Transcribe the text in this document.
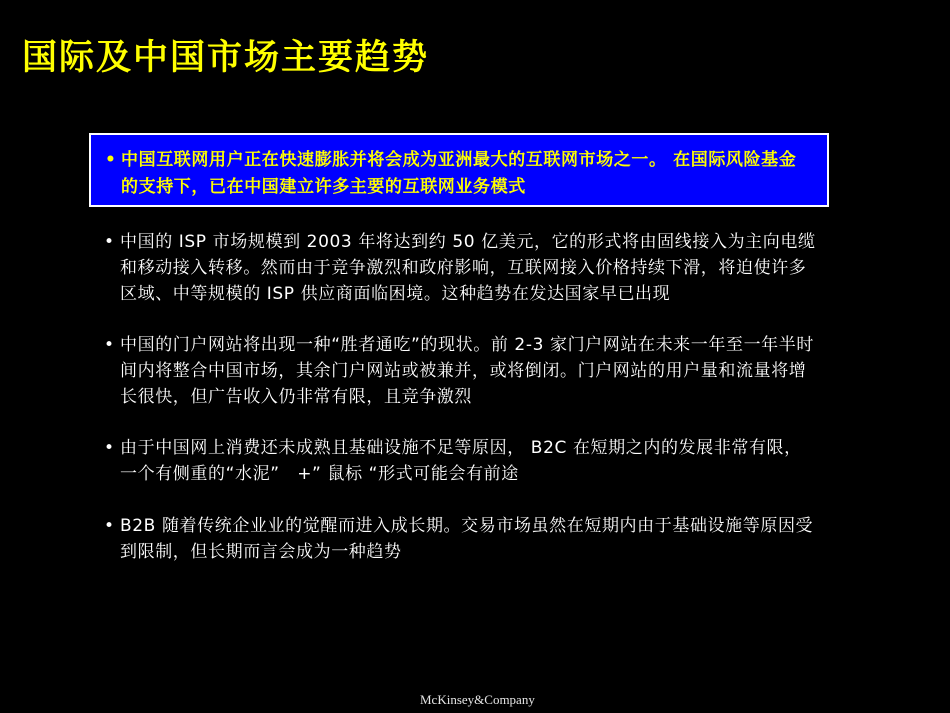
国际及中国市场主要趋势
• 中国互联网用户正在快速膨胀并将会成为亚洲最大的互联网市场之一。 在国际风险基金的支持下，已在中国建立许多主要的互联网业务模式
• 中国的 ISP 市场规模到 2003 年将达到约 50 亿美元，它的形式将由固线接入为主向电缆和移动接入转移。然而由于竞争激烈和政府影响，互联网接入价格持续下滑，将迫使许多区域、中等规模的 ISP 供应商面临困境。这种趋势在发达国家早已出现
• 中国的门户网站将出现一种“胜者通吃”的现状。前 2-3 家门户网站在未来一年至一年半时间内将整合中国市场，其余门户网站或被兼并，或将倒闭。门户网站的用户量和流量将增长很快，但广告收入仍非常有限，且竞争激烈
• 由于中国网上消费还未成熟且基础设施不足等原因， B2C 在短期之内的发展非常有限，一个有侧重的“水泥”　+” 鼠标 “形式可能会有前途
• B2B 随着传统企业业的觉醒而进入成长期。交易市场虽然在短期内由于基础设施等原因受到限制，但长期而言会成为一种趋势
McKinsey&Company
